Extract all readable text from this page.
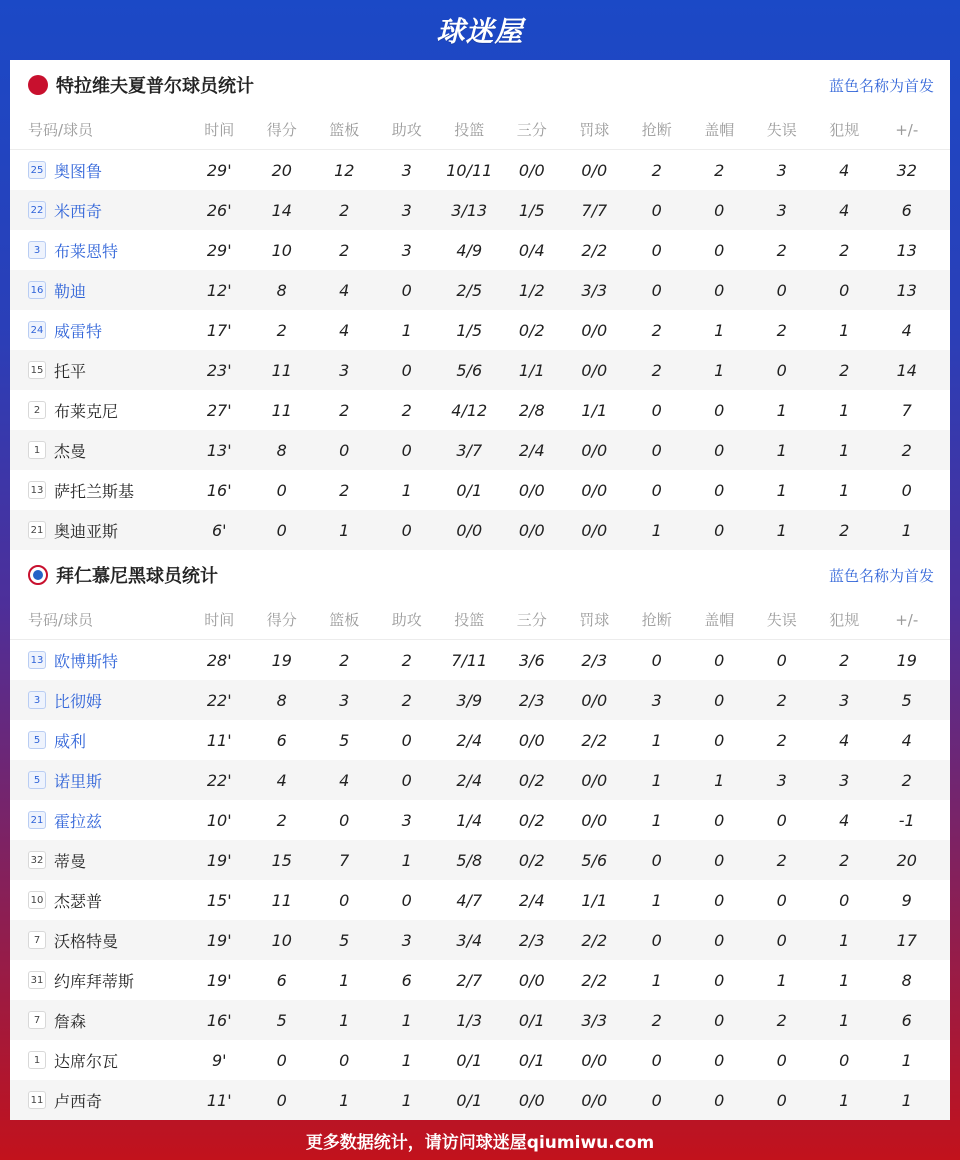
球迷屋
特拉维夫夏普尔球员统计	蓝色名称为首发
号码/球员	时间	得分	篮板	助攻	投篮	三分	罚球	抢断	盖帽	失误	犯规	+/-
25 奥图鲁	29'	20	12	3	10/11	0/0	0/0	2	2	3	4	32
22 米西奇	26'	14	2	3	3/13	1/5	7/7	0	0	3	4	6
3 布莱恩特	29'	10	2	3	4/9	0/4	2/2	0	0	2	2	13
16 勒迪	12'	8	4	0	2/5	1/2	3/3	0	0	0	0	13
24 威雷特	17'	2	4	1	1/5	0/2	0/0	2	1	2	1	4
15 托平	23'	11	3	0	5/6	1/1	0/0	2	1	0	2	14
2 布莱克尼	27'	11	2	2	4/12	2/8	1/1	0	0	1	1	7
1 杰曼	13'	8	0	0	3/7	2/4	0/0	0	0	1	1	2
13 萨托兰斯基	16'	0	2	1	0/1	0/0	0/0	0	0	1	1	0
21 奥迪亚斯	6'	0	1	0	0/0	0/0	0/0	1	0	1	2	1
拜仁慕尼黑球员统计	蓝色名称为首发
号码/球员	时间	得分	篮板	助攻	投篮	三分	罚球	抢断	盖帽	失误	犯规	+/-
13 欧博斯特	28'	19	2	2	7/11	3/6	2/3	0	0	0	2	19
3 比彻姆	22'	8	3	2	3/9	2/3	0/0	3	0	2	3	5
5 威利	11'	6	5	0	2/4	0/0	2/2	1	0	2	4	4
5 诺里斯	22'	4	4	0	2/4	0/2	0/0	1	1	3	3	2
21 霍拉兹	10'	2	0	3	1/4	0/2	0/0	1	0	0	4	-1
32 蒂曼	19'	15	7	1	5/8	0/2	5/6	0	0	2	2	20
10 杰瑟普	15'	11	0	0	4/7	2/4	1/1	1	0	0	0	9
7 沃格特曼	19'	10	5	3	3/4	2/3	2/2	0	0	0	1	17
31 约库拜蒂斯	19'	6	1	6	2/7	0/0	2/2	1	0	1	1	8
7 詹森	16'	5	1	1	1/3	0/1	3/3	2	0	2	1	6
1 达席尔瓦	9'	0	0	1	0/1	0/1	0/0	0	0	0	0	1
11 卢西奇	11'	0	1	1	0/1	0/0	0/0	0	0	0	1	1
更多数据统计，请访问球迷屋qiumiwu.com
